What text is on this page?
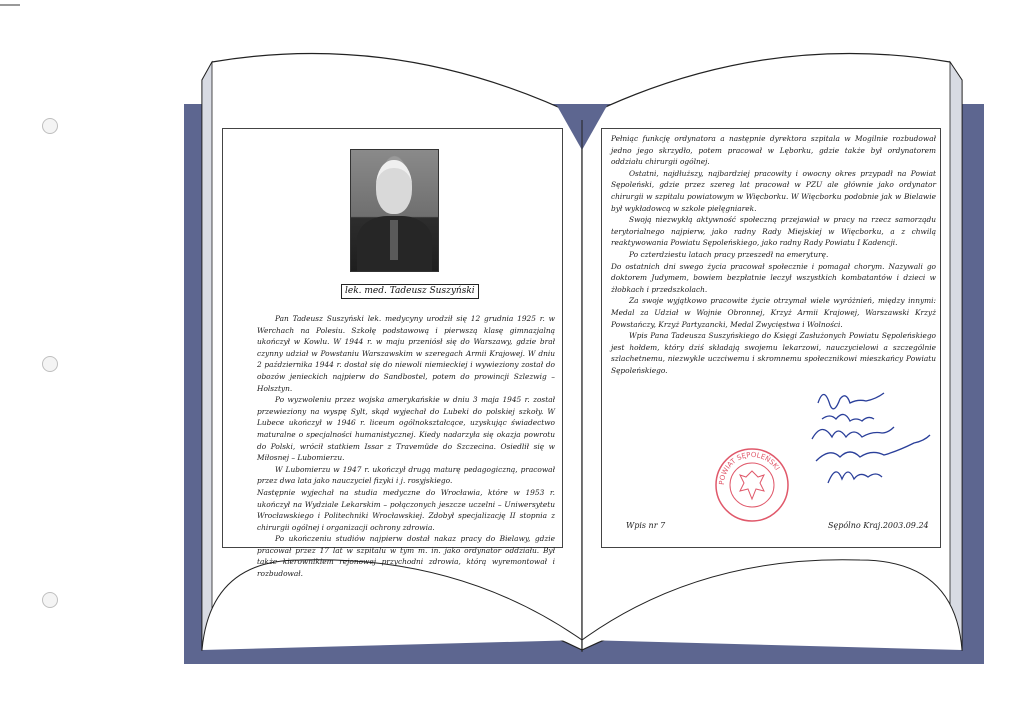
lek. med. Tadeusz Suszyński

Pan Tadeusz Suszyński lek. medycyny urodził się 12 grudnia 1925 r. w Werchach na Polesiu. Szkołę podstawową i pierwszą klasę gimnazjalną ukończył w Kowlu. W 1944 r. w maju przeniósł się do Warszawy, gdzie brał czynny udział w Powstaniu Warszawskim w szeregach Armii Krajowej. W dniu 2 października 1944 r. dostał się do niewoli niemieckiej i wywieziony został do obozów jenieckich najpierw do Sandbostel, potem do prowincji Szlezwig – Holsztyn.

Po wyzwoleniu przez wojska amerykańskie w dniu 3 maja 1945 r. został przewieziony na wyspę Sylt, skąd wyjechał do Lubeki do polskiej szkoły. W Lubece ukończył w 1946 r. liceum ogólnokształcące, uzyskując świadectwo maturalne o specjalności humanistycznej. Kiedy nadarzyła się okazja powrotu do Polski, wrócił statkiem Issar z Travemüde do Szczecina. Osiedlił się w Miłosnej – Lubomierzu.

W Lubomierzu w 1947 r. ukończył drugą maturę pedagogiczną, pracował przez dwa lata jako nauczyciel fizyki i j. rosyjskiego.

Następnie wyjechał na studia medyczne do Wrocławia, które w 1953 r. ukończył na Wydziale Lekarskim – połączonych jeszcze uczelni – Uniwersytetu Wrocławskiego i Politechniki Wrocławskiej. Zdobył specjalizację II stopnia z chirurgii ogólnej i organizacji ochrony zdrowia.

Po ukończeniu studiów najpierw dostał nakaz pracy do Bielawy, gdzie pracował przez 17 lat w szpitalu w tym m. in. jako ordynator oddziału. Był także kierownikiem rejonowej przychodni zdrowia, którą wyremontował i rozbudował.

Pełniąc funkcję ordynatora a następnie dyrektora szpitala w Mogilnie rozbudował jedno jego skrzydło, potem pracował w Lęborku, gdzie także był ordynatorem oddziału chirurgii ogólnej.

Ostatni, najdłuższy, najbardziej pracowity i owocny okres przypadł na Powiat Sępoleński, gdzie przez szereg lat pracował w PZU ale głównie jako ordynator chirurgii w szpitalu powiatowym w Więcborku. W Więcborku podobnie jak w Bielawie był wykładowcą w szkole pielęgniarek.

Swoją niezwykłą aktywność społeczną przejawiał w pracy na rzecz samorządu terytorialnego najpierw, jako radny Rady Miejskiej w Więcborku, a z chwilą reaktywowania Powiatu Sępoleńskiego, jako radny Rady Powiatu I Kadencji.

Po czterdziestu latach pracy przeszedł na emeryturę.

Do ostatnich dni swego życia pracował społecznie i pomagał chorym. Nazywali go doktorem Judymem, bowiem bezpłatnie leczył wszystkich kombatantów i dzieci w żłobkach i przedszkolach.

Za swoje wyjątkowo pracowite życie otrzymał wiele wyróżnień, między innymi: Medal za Udział w Wojnie Obronnej, Krzyż Armii Krajowej, Warszawski Krzyż Powstańczy, Krzyż Partyzancki, Medal Zwycięstwa i Wolności.

Wpis Pana Tadeusza Suszyńskiego do Księgi Zasłużonych Powiatu Sępoleńskiego jest hołdem, który dziś składają swojemu lekarzowi, nauczycielowi a szczególnie szlachetnemu, niezwykle uczciwemu i skromnemu społecznikowi mieszkańcy Powiatu Sępoleńskiego.

POWIAT SĘPOLEŃSKI
Wpis nr 7	Sępólno Kraj.2003.09.24
